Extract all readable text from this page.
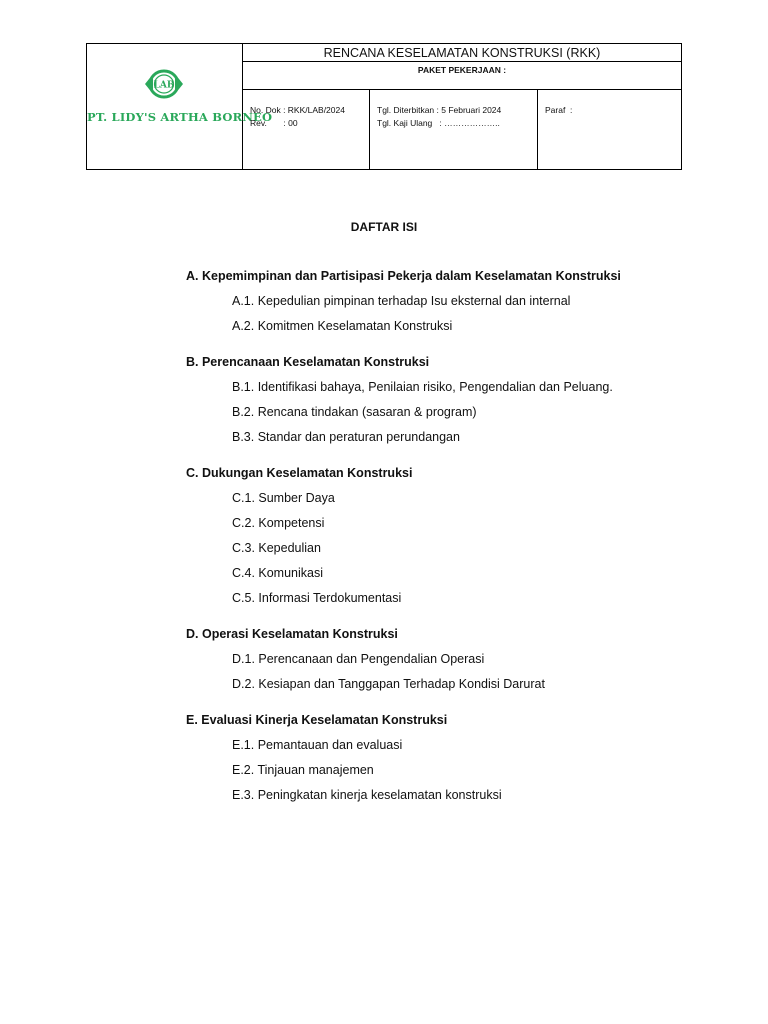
LAB
PT. LIDY'S ARTHA BORNEO
RENCANA KESELAMATAN KONSTRUKSI (RKK)
PAKET PEKERJAAN :
No. Dok : RKK/LAB/2024
Rev.       : 00
Tgl. Diterbitkan : 5 Februari 2024
Tgl. Kaji Ulang   : ………………..
Paraf  :
DAFTAR ISI
A. Kepemimpinan dan Partisipasi Pekerja dalam Keselamatan Konstruksi
A.1. Kepedulian pimpinan terhadap Isu eksternal dan internal
A.2. Komitmen Keselamatan Konstruksi
B. Perencanaan Keselamatan Konstruksi
B.1. Identifikasi bahaya, Penilaian risiko, Pengendalian dan Peluang.
B.2. Rencana tindakan (sasaran & program)
B.3. Standar dan peraturan perundangan
C. Dukungan Keselamatan Konstruksi
C.1. Sumber Daya
C.2. Kompetensi
C.3. Kepedulian
C.4. Komunikasi
C.5. Informasi Terdokumentasi
D. Operasi Keselamatan Konstruksi
D.1. Perencanaan dan Pengendalian Operasi
D.2. Kesiapan dan Tanggapan Terhadap Kondisi Darurat
E. Evaluasi Kinerja Keselamatan Konstruksi
E.1. Pemantauan dan evaluasi
E.2. Tinjauan manajemen
E.3. Peningkatan kinerja keselamatan konstruksi
